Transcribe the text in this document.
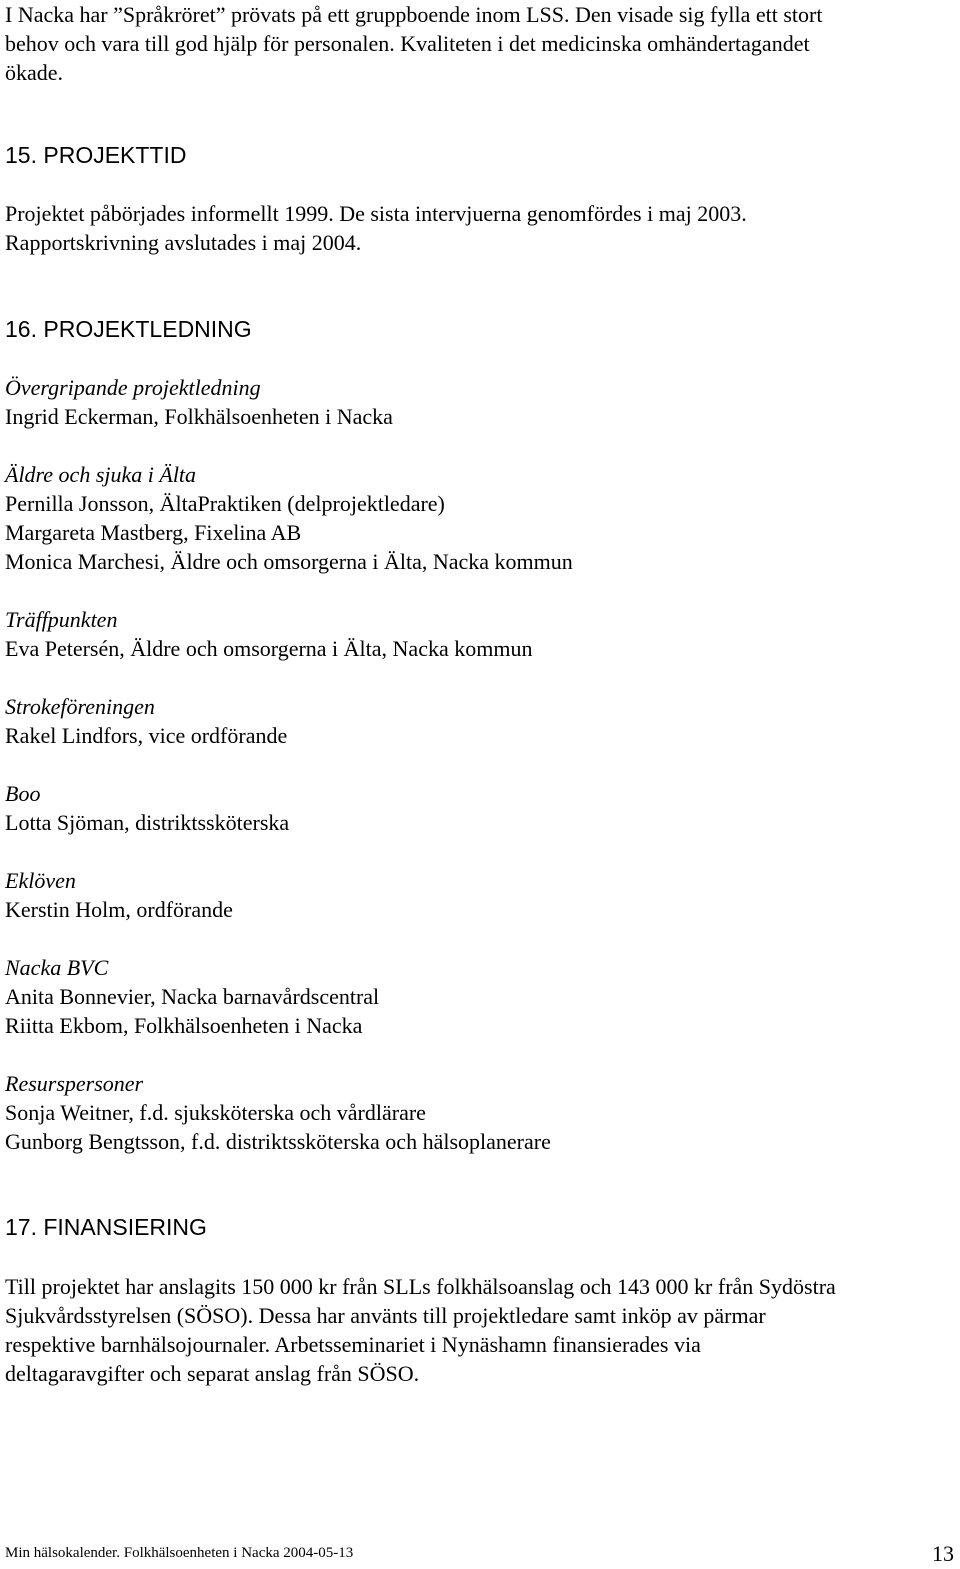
I Nacka har ”Språkröret” prövats på ett gruppboende inom LSS. Den visade sig fylla ett stort
behov och vara till god hjälp för personalen. Kvaliteten i det medicinska omhändertagandet
ökade.
15. PROJEKTTID
Projektet påbörjades informellt 1999. De sista intervjuerna genomfördes i maj 2003.
Rapportskrivning avslutades i maj 2004.
16. PROJEKTLEDNING
Övergripande projektledning
Ingrid Eckerman, Folkhälsoenheten i Nacka
Äldre och sjuka i Älta
Pernilla Jonsson, ÄltaPraktiken (delprojektledare)
Margareta Mastberg, Fixelina AB
Monica Marchesi, Äldre och omsorgerna i Älta, Nacka kommun
Träffpunkten
Eva Petersén, Äldre och omsorgerna i Älta, Nacka kommun
Strokeföreningen
Rakel Lindfors, vice ordförande
Boo
Lotta Sjöman, distriktssköterska
Eklöven
Kerstin Holm, ordförande
Nacka BVC
Anita Bonnevier, Nacka barnavårdscentral
Riitta Ekbom, Folkhälsoenheten i Nacka
Resurspersoner
Sonja Weitner, f.d. sjuksköterska och vårdlärare
Gunborg Bengtsson, f.d. distriktssköterska och hälsoplanerare
17. FINANSIERING
Till projektet har anslagits 150 000 kr från SLLs folkhälsoanslag och 143 000 kr från Sydöstra
Sjukvårdsstyrelsen (SÖSO). Dessa har använts till projektledare samt inköp av pärmar
respektive barnhälsojournaler. Arbetsseminariet i Nynäshamn finansierades via
deltagaravgifter och separat anslag från SÖSO.
Min hälsokalender. Folkhälsoenheten i Nacka 2004-05-13	13
